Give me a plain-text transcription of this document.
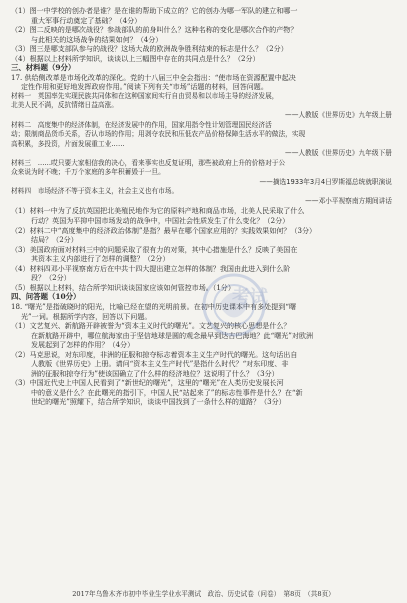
（1）图一中学校的创办者是谁？是在谁的帮助下成立的？它的创办为哪一军队的建立和哪一
重大军事行动奠定了基础？（4分）
（2）图二反映的是哪次战役？参战部队的前身叫什么？这种名称的变化是哪次合作的产物？
与此相关的这场战争的结果如何？（4分）
（3）图三是哪支部队参与的战役？这场大战的欧洲战争胜利结束的标志是什么？（2分）
（4）根据以上材料所学知识，谈谈以上三幅图中存在的共同点是什么？（2分）
三、材料题（9分）
17. 供给侧改革是市场化改革的深化。党的十八届三中全会指出：“使市场在资源配置中起决
定性作用和更好地发挥政府作用。”阅读下列有关“市场”话题的材料，回答问题。
材料一　英国率先实现民族共同体和在这种国家间实行自由贸易和以市场主导的经济发展，
北美人民不满，反抗情绪日益高涨。
——人教版《世界历史》九年级上册
材料二　高度集中的经济体制，在经济发展中的作用，国家用指令性计划管理国民经济活
动；限制商品货币关系，否认市场的作用；用剥夺农民和压低农产品价格保障生活水平的做法，实现
高积累，多投资，片面发展重工业……
——人教版《世界历史》九年级下册
材料三　……哎只要大家相信我的决心，看来事实也反复证明，那些被政府上升的价格对于公
众来说为时不晚；千万个家庭的多年积蓄毁于一旦。
——摘选1933年3月4日罗斯福总统就职演说
材料四　市场经济不等于资本主义，社会主义也有市场。
——邓小平视察南方期间讲话
（1）材料一中为了反抗英国把北美殖民地作为它的原料产地和商品市场，北美人民采取了什么
行动？英国为平抑中国市场发动的战争中，中国社会性质发生了什么变化？（2分）
（2）材料二中“高度集中的经济政治体制”是指？最早在哪个国家应用的？实践效果如何？（3分）
结局？（2分）
（3）美国政府面对材料三中的问题采取了很有力的对策，其中心措施是什么？反映了美国在
其资本主义内部进行了怎样的调整？（2分）
（4）材料四邓小平视察南方后在中共十四大提出建立怎样的体制？我国由此进入到什么阶
段？（2分）
（5）根据以上材料，结合所学知识谈谈国家应该如何管控市场。（1分）
四、问答题（10分）
18. “曙光”是指破晓时的阳光，比喻已经在望的光明前景。在初中历史课本中有多处提到“曙
光”一词。根据所学内容，回答以下问题。
（1）文艺复兴、新航路开辟被誉为“资本主义时代的曙光”。文艺复兴的核心思想是什么？
在新航路开辟中，哪位航海家由于坚信地球是圆的观念最早到达古巴海地？此“曙光”对欧洲
发展起到了怎样的作用？（4分）
（2）马克思说，对东印度，非洲的征服和掠夺标志着资本主义生产时代的曙光。这句话出自
人教版《世界历史》上册。请问“资本主义生产时代”是指什么时代？“对东印度、非
洲的征服和掠夺行为”使该国确立了什么样的经济地位？这说明了什么？（3分）
（3）中国近代史上中国人民看到了“新世纪的曙光”，这里的“曙光”在人类历史发展长河
中的意义是什么？在此曙光的指引下，中国人民“站起来了”的标志性事件是什么？在“新
世纪的曙光”照耀下，结合所学知识，谈谈中国找到了一条什么样的道路？（3分）
考试
2017年乌鲁木齐市初中毕业生学业水平测试　政治、历史试卷（问卷）　第8页　（共8页）
